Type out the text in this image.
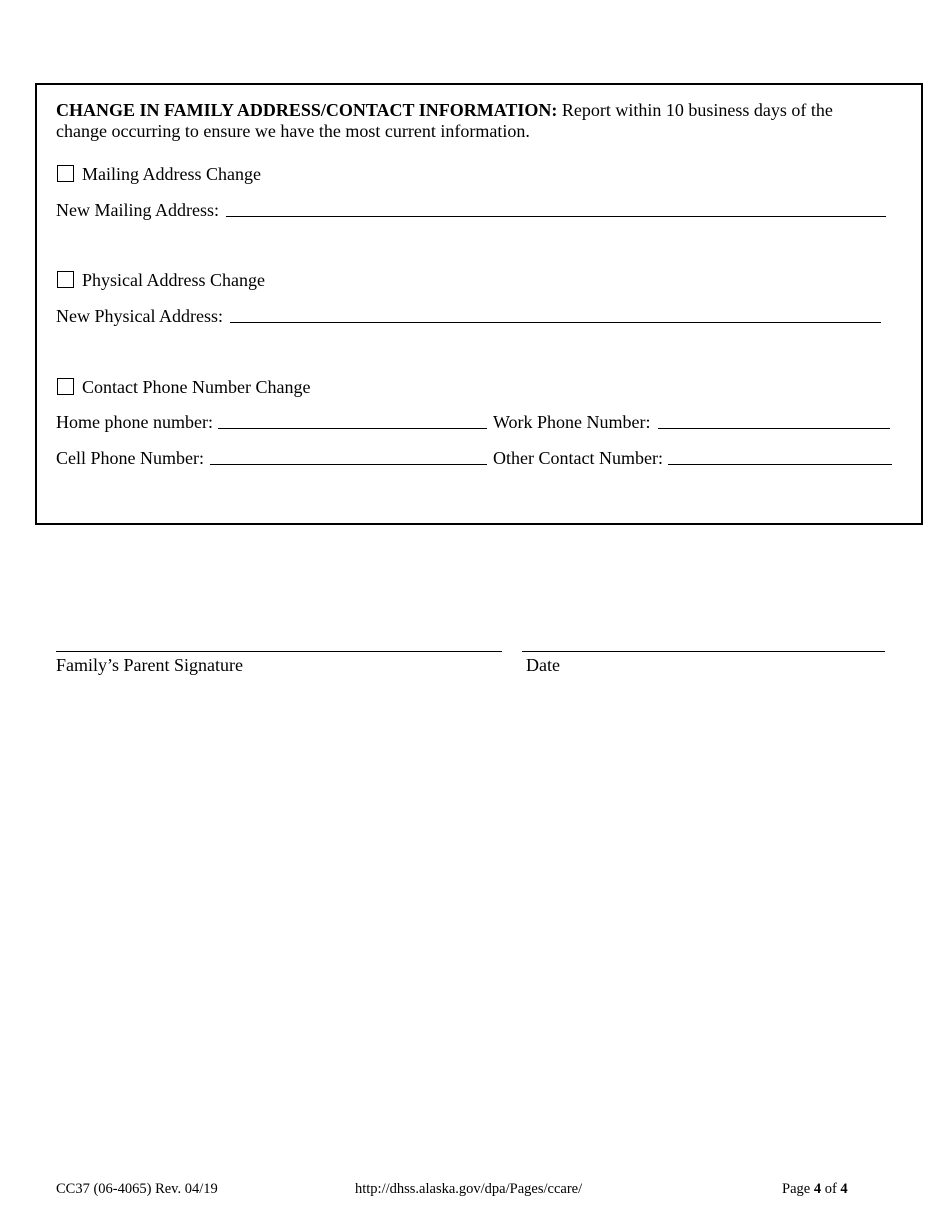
CHANGE IN FAMILY ADDRESS/CONTACT INFORMATION: Report within 10 business days of the
change occurring to ensure we have the most current information.
Mailing Address Change
New Mailing Address:
Physical Address Change
New Physical Address:
Contact Phone Number Change
Home phone number:	Work Phone Number:
Cell Phone Number:	Other Contact Number:
Family’s Parent Signature	Date
CC37 (06-4065) Rev. 04/19	http://dhss.alaska.gov/dpa/Pages/ccare/	Page 4 of 4
